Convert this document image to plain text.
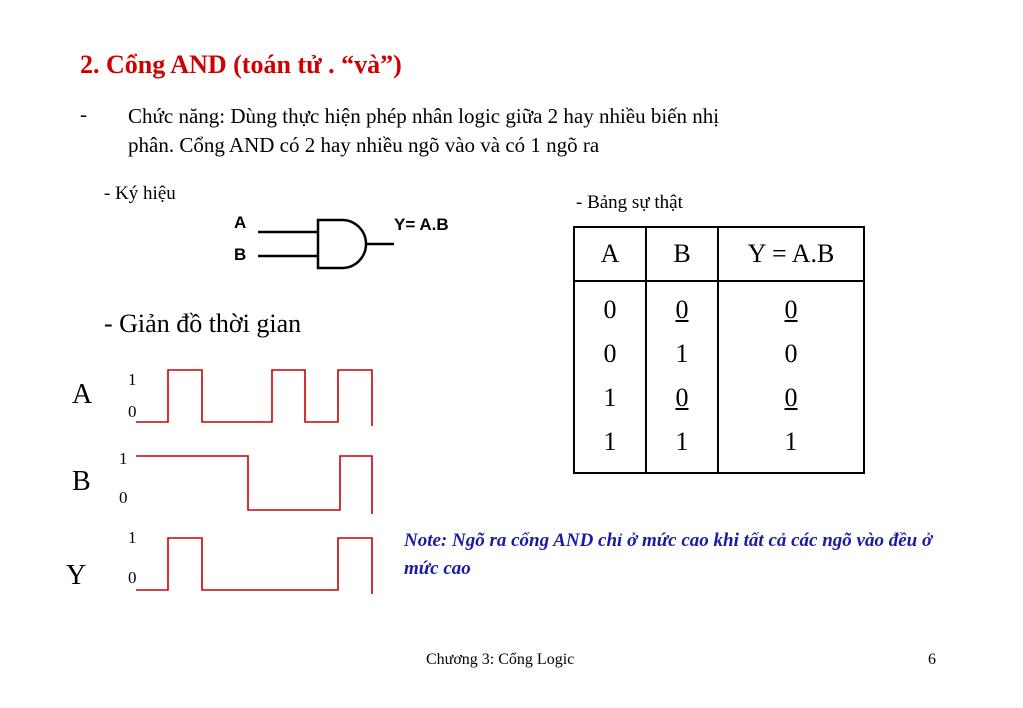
2. Cổng AND (toán tử . “và”)
- Chức năng: Dùng thực hiện phép nhân logic giữa 2 hay nhiều biến nhị
phân. Cổng AND có 2 hay nhiều ngõ vào và có 1 ngõ ra
- Ký hiệu
A
B
Y= A.B
- Bảng sự thật
A	B	Y = A.B
0	0	0
0	1	0
1	0	0
1	1	1
- Giản đồ thời gian
A 1
0
B
1
0
Y
1
0
Note: Ngõ ra cổng AND chỉ ở mức cao khi tất cả các ngõ vào đều ở mức cao
Chương 3: Cổng Logic	6
